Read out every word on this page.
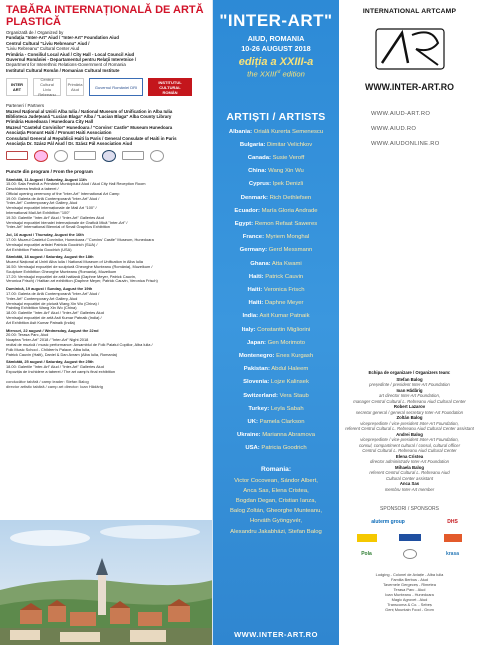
TABĂRA INTERNAȚIONALĂ DE ARTĂ PLASTICĂ
Organizată de / Organized by
Fundația "Inter-Art" Aiud / "Inter-Art" Foundation Aiud
Centrul Cultural "Liviu Rebreanu" Aiud /
"Liviu Rebreanu" Cultural Center Aiud
Primăria - Consiliul Local Aiud / City Hall - Local Council Aiud
Guvernul României - Departamentul pentru Relații Interetnice /
Department for Interethnic Relations-Government of Romania
Institutul Cultural Român / Romanian Cultural Institute
INTER ART
Centrul Cultural Liviu Rebreanu
Primăria Aiud	Guvernul României DRI
INSTITUTUL CULTURAL ROMÂN
Parteneri / Partners
Muzeul Național al Unirii Alba Iulia / National Museum of Unification in Alba Iulia
Biblioteca Județeană "Lucian Blaga" Alba / "Lucian Blaga" Alba County Library
Primăria Hunedoara / Hunedoara City Hall
Muzeul "Castelul Corvinilor" Hunedoara / "Corvins' Castle" Museum Hunedoara
Asociația Pronunt Haiti / Pronunt Haiti Association
Consulatul General al Republicii Haiti la Paris / General Consulate of Haiti in Paris
Asociația Dr. Szász Pál Aiud / Dr. Szász Pál Association Aiud
Puncte din program / From the program
Sâmbătă, 11 August / Saturday, August 11th
15.00: Sala Festivă a Primăriei Municipiului Aiud / Aiud City Hall Reception Room
Deschiderea festivă a taberei /
Official opening ceremony of the "Inter-Art" International Art Camp
19.00: Galeria de Artă Contemporană "Inter-Art" Aiud /
"Inter-Art" Contemporary Art Gallery, Aiud
Vernisajul expoziției internaționale de Mail Art "100" /
International Mail Art Exhibition "100"
19.30: Galeriile "Inter-Art" Aiud / "Inter-Art" Galleries Aiud
Vernisajul expoziției bienalei internaționale de Grafică Mică "Inter-Art" /
"Inter-Art" International Biennial of Small Graphics Exhibition
Joi, 16 august / Thursday, August the 16th
17.00: Muzeul Castelul Corvinilor, Hunedoara / "Corvins' Castle" Museum, Hunedoara
Vernisajul expoziției artistei Patricia Goodrich (SUA) /
Art Exhibition Patricia Goodrich (USA)
Sâmbătă, 18 august / Saturday, August the 18th
Muzeul Național al Unirii Alba Iulia / National Museum of Unification in Alba Iulia
16.50: Vernisajul expoziției de sculptură Gheorghe Munteanu (România), Muzeikum /
Sculpture Exhibition Gheorghe Munteanu (Romania), Muzeikum
17.20: Vernisajul expoziției de artă haitiană (Daphne Meyer, Patrick Cauvin,
Veronica Frisch) / Haitian art exhibition (Daphne Meyer, Patrick Cauvin, Veronica Frisch)
Duminică, 19 august / Sunday, August the 19th
17.00: Galeria de Artă Contemporană "Inter-Art" Aiud /
"Inter-Art" Contemporary Art Gallery, Aiud
Vernisajul expoziției de pictură Wang Xin Wo (China) /
Painting Exhibition Wang Xin Wo (China)
18.00: Galeriile "Inter-Art" Aiud / "Inter-Art" Galleries Aiud
Vernisajul expoziției de artă Asit Kumar Patnaik (India) /
Art Exhibition Asit Kumar Patnaik (India)
Miercuri, 22 august / Wednesday, August the 22nd
20.00: Terasa Parc, Aiud
Noaptea "Inter-Art" 2018 / "Inter-Art" Night 2018
recital de muzică / music performance: Ansamblul de Folk Palatul Copiilor, Alba Iulia /
Folk Music School - Children's Palace, Alba Iulia,
Patrick Cauvin (Haiti), Daniel & Dan Avram (Alba Iulia, Romania)
Sâmbătă, 25 august / Saturday, August the 25th
18.00: Galeriile "Inter-Art" Aiud / "Inter-Art" Galleries Aiud
Expoziția de închidere a taberei / The art camp's final exhibition
conducător tabără / camp leader: Stefan Balog
director artistic tabără / camp art director: Ioan Hădârig
"INTER-ART"
AIUD, ROMANIA
10-26 AUGUST 2018
ediția a XXIII-a
the XXIIIrd edition
ARTIȘTI / ARTISTS
Albania: Orială Kurerta Semenescu
Bulgaria: Dimitar Velichkov
Canada: Susie Veroff
China: Wang Xin Wu
Cyprus: Ipek Denizli
Denmark: Rich Dethlefsen
Ecuador: María Gloria Andrade
Egypt: Remon Refaat Saweres
France: Myriem Monghal
Germany: Gerd Messmann
Ghana: Atta Kwami
Haiti: Patrick Cauvin
Haiti: Veronica Frisch
Haiti: Daphne Meyer
India: Asit Kumar Patnaik
Italy: Constantin Migliorini
Japan: Gen Morimoto
Montenegro: Enes Kurgash
Pakistan: Abdul Haleem
Slovenia: Lojze Kalinsek
Switzerland: Vera Staub
Turkey: Leyla Sabah
UK: Pamela Clarkson
Ukraine: Marianna Abramova
USA: Patricia Goodrich
Romania:
Victor Cocovean, Sándor Albert,
Anca Sas, Elena Cristea,
Bogdan Degan, Cristian Ianza,
Balog Zoltán, Gheorghe Munteanu,
Horváth Gyöngyvér,
Alexandru Jakabházi, Stefan Balog
WWW.INTER-ART.RO
INTERNATIONAL ARTCAMP
WWW.INTER-ART.RO
WWW.AIUD-ART.RO
WWW.AIUD.RO
WWW.AIUDONLINE.RO
Echipa de organizare / Organizers team:
Stefan Balog
președinte / president Inter-Art Foundation
Ioan Hădârig
art director Inter-Art Foundation,
manager Central Cultural L. Rebreanu Aiud Cultural Center
Robert Lazarov
secretar general / general secretary Inter-Art Foundation
Zoltán Balog
vicepreședinte / vice-president Inter-Art Foundation,
referent Centrul Cultural L. Rebreanu Aiud Cultural Center assistant
Andrei Balog
vicepreședinte / vice-president Inter-Art Foundation,
consul, compartiment cultural / consul, cultural officer
Centrul Cultural L. Rebreanu Aiud Cultural Center
Elena Cristea
director administrativ Inter-Art Foundation
Mihaela Balog
referent Centrul Cultural L. Rebreanu Aiud
Cultural Center assistant
Anca Sas
membru Inter-Art member
SPONSORI / SPONSORS
aluterm group	DHS
Pola	krasa
Lodging - Colonel de Aviație - Alba Iulia
Familia Berbus - Aiud
Tavernele Gergeceș - Rimetea
Terasa Parc - Aiud
Ioan Munteanu - Hunedoara
Magic Agrovet - Aiud
Transcoma & Co. - Sebeș
Genț Mountain Food - Grom
